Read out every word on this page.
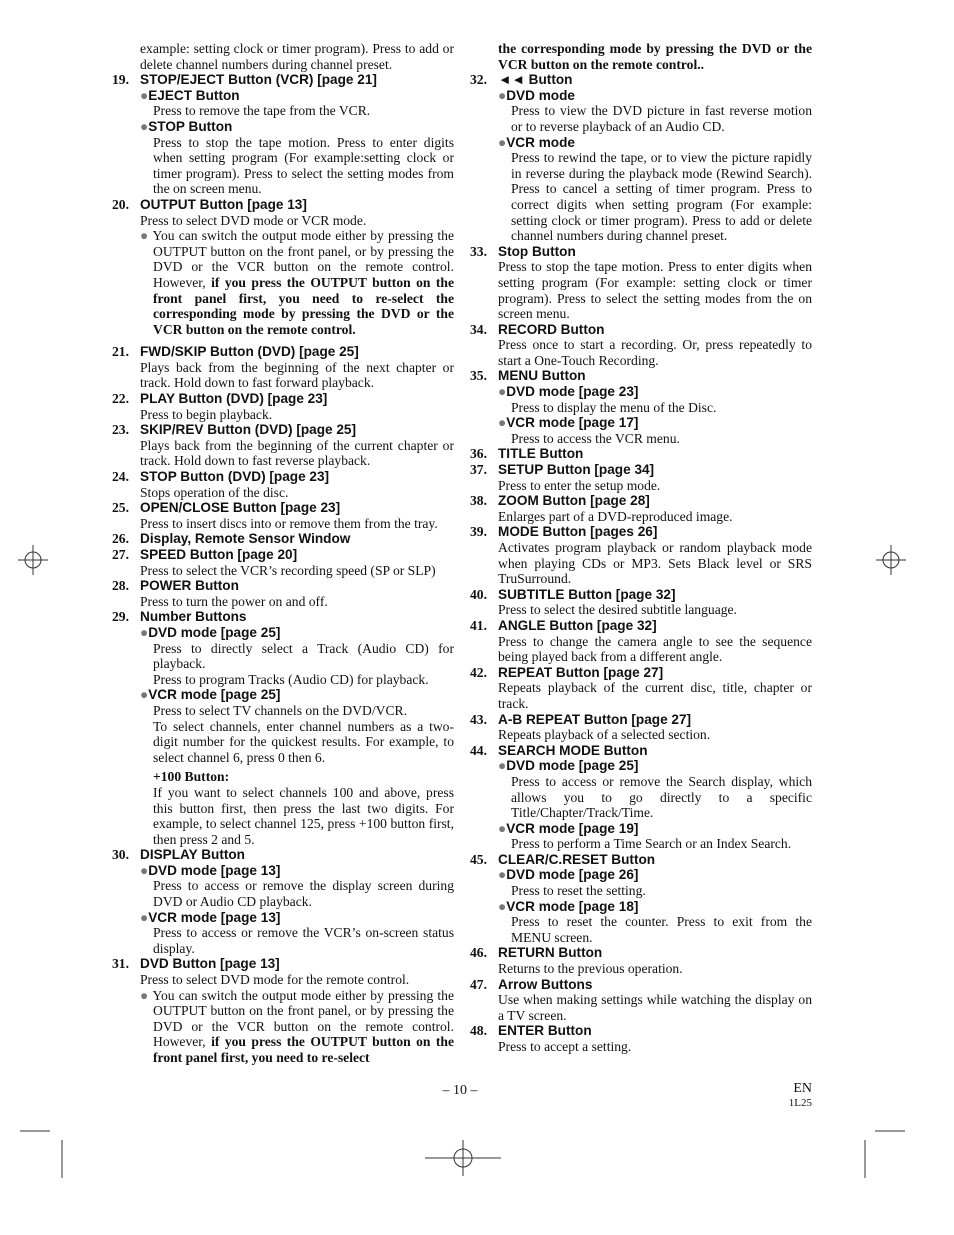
example: setting clock or timer program). Press to add or delete channel numbers during channel preset.
19. STOP/EJECT Button (VCR) [page 21]
●EJECT Button
Press to remove the tape from the VCR.
●STOP Button
Press to stop the tape motion. Press to enter digits when setting program (For example:setting clock or timer program). Press to select the setting modes from the on screen menu.
20. OUTPUT Button [page 13]
Press to select DVD mode or VCR mode.
● You can switch the output mode either by pressing the OUTPUT button on the front panel, or by pressing the DVD or the VCR button on the remote control. However, if you press the OUTPUT button on the front panel first, you need to re-select the corresponding mode by pressing the DVD or the VCR button on the remote control.
21. FWD/SKIP Button (DVD) [page 25]
Plays back from the beginning of the next chapter or track. Hold down to fast forward playback.
22. PLAY Button (DVD) [page 23]
Press to begin playback.
23. SKIP/REV Button (DVD) [page 25]
Plays back from the beginning of the current chapter or track. Hold down to fast reverse playback.
24. STOP Button (DVD) [page 23]
Stops operation of the disc.
25. OPEN/CLOSE Button [page 23]
Press to insert discs into or remove them from the tray.
26. Display, Remote Sensor Window
27. SPEED Button [page 20]
Press to select the VCR’s recording speed (SP or SLP)
28. POWER Button
Press to turn the power on and off.
29. Number Buttons
●DVD mode [page 25]
Press to directly select a Track (Audio CD) for playback.
Press to program Tracks (Audio CD) for playback.
●VCR mode [page 25]
Press to select TV channels on the DVD/VCR.
To select channels, enter channel numbers as a two-digit number for the quickest results. For example, to select channel 6, press 0 then 6.
+100 Button:
If you want to select channels 100 and above, press this button first, then press the last two digits. For example, to select channel 125, press +100 button first, then press 2 and 5.
30. DISPLAY Button
●DVD mode [page 13]
Press to access or remove the display screen during DVD or Audio CD playback.
●VCR mode [page 13]
Press to access or remove the VCR’s on-screen status display.
31. DVD Button [page 13]
Press to select DVD mode for the remote control.
● You can switch the output mode either by pressing the OUTPUT button on the front panel, or by pressing the DVD or the VCR button on the remote control. However, if you press the OUTPUT button on the front panel first, you need to re-select
the corresponding mode by pressing the DVD or the VCR button on the remote control..
32. ◄◄ Button
●DVD mode
Press to view the DVD picture in fast reverse motion or to reverse playback of an Audio CD.
●VCR mode
Press to rewind the tape, or to view the picture rapidly in reverse during the playback mode (Rewind Search). Press to cancel a setting of timer program. Press to correct digits when setting program (For example: setting clock or timer program). Press to add or delete channel numbers during channel preset.
33. Stop Button
Press to stop the tape motion. Press to enter digits when setting program (For example: setting clock or timer program). Press to select the setting modes from the on screen menu.
34. RECORD Button
Press once to start a recording. Or, press repeatedly to start a One-Touch Recording.
35. MENU Button
●DVD mode [page 23]
Press to display the menu of the Disc.
●VCR mode [page 17]
Press to access the VCR menu.
36. TITLE Button
37. SETUP Button [page 34]
Press to enter the setup mode.
38. ZOOM Button [page 28]
Enlarges part of a DVD-reproduced image.
39. MODE Button [pages 26]
Activates program playback or random playback mode when playing CDs or MP3. Sets Black level or SRS TruSurround.
40. SUBTITLE Button [page 32]
Press to select the desired subtitle language.
41. ANGLE Button [page 32]
Press to change the camera angle to see the sequence being played back from a different angle.
42. REPEAT Button [page 27]
Repeats playback of the current disc, title, chapter or track.
43. A-B REPEAT Button [page 27]
Repeats playback of a selected section.
44. SEARCH MODE Button
●DVD mode [page 25]
Press to access or remove the Search display, which allows you to go directly to a specific Title/Chapter/Track/Time.
●VCR mode [page 19]
Press to perform a Time Search or an Index Search.
45. CLEAR/C.RESET Button
●DVD mode [page 26]
Press to reset the setting.
●VCR mode [page 18]
Press to reset the counter. Press to exit from the MENU screen.
46. RETURN Button
Returns to the previous operation.
47. Arrow Buttons
Use when making settings while watching the display on a TV screen.
48. ENTER Button
Press to accept a setting.
– 10 –	EN
1L25
